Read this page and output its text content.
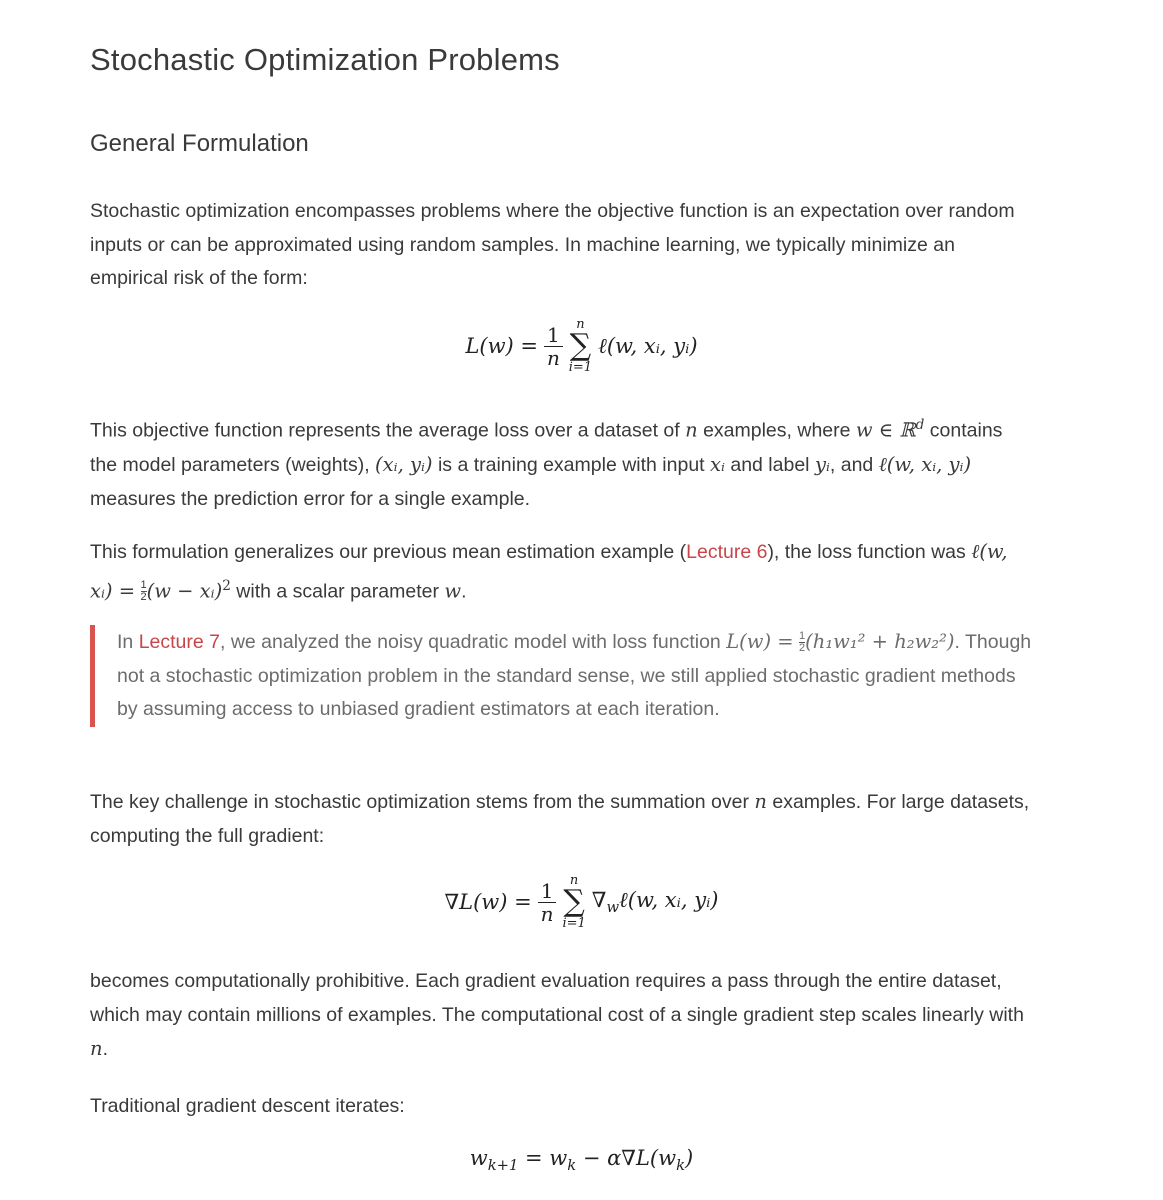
Stochastic Optimization Problems
General Formulation

Stochastic optimization encompasses problems where the objective function is an expectation over random inputs or can be approximated using random samples. In machine learning, we typically minimize an empirical risk of the form:

$L(w) = \frac{1}{n}$ n
∑
i=1
ℓ(w, xᵢ, yᵢ)

This objective function represents the average loss over a dataset of n examples, where w ∈ ℝ$^d$ contains the model parameters (weights), (xᵢ, yᵢ) is a training example with input xᵢ and label yᵢ, and ℓ(w, xᵢ, yᵢ) measures the prediction error for a single example.

This formulation generalizes our previous mean estimation example (Lecture 6), the loss function was ℓ(w, xᵢ) = $\frac{1}{2} (w$ − xᵢ)$^2$ with a scalar parameter w.

In Lecture 7, we analyzed the noisy quadratic model with loss function $L(w) = \frac{1}{2} (h_1w_1^2 + h_2w_2^2)$. Though not a stochastic optimization problem in the standard sense, we still applied stochastic gradient methods by assuming access to unbiased gradient estimators at each iteration.

The key challenge in stochastic optimization stems from the summation over n examples. For large datasets, computing the full gradient:

$\nabla L(w) = \frac{1}{n}$ n
∑
i=1
$\nabla_w\ell(w$, xᵢ, yᵢ)

becomes computationally prohibitive. Each gradient evaluation requires a pass through the entire dataset, which may contain millions of examples. The computational cost of a single gradient step scales linearly with n.

Traditional gradient descent iterates:

$w_{k+1} = w_k - \alpha\nabla L(w_k)$
